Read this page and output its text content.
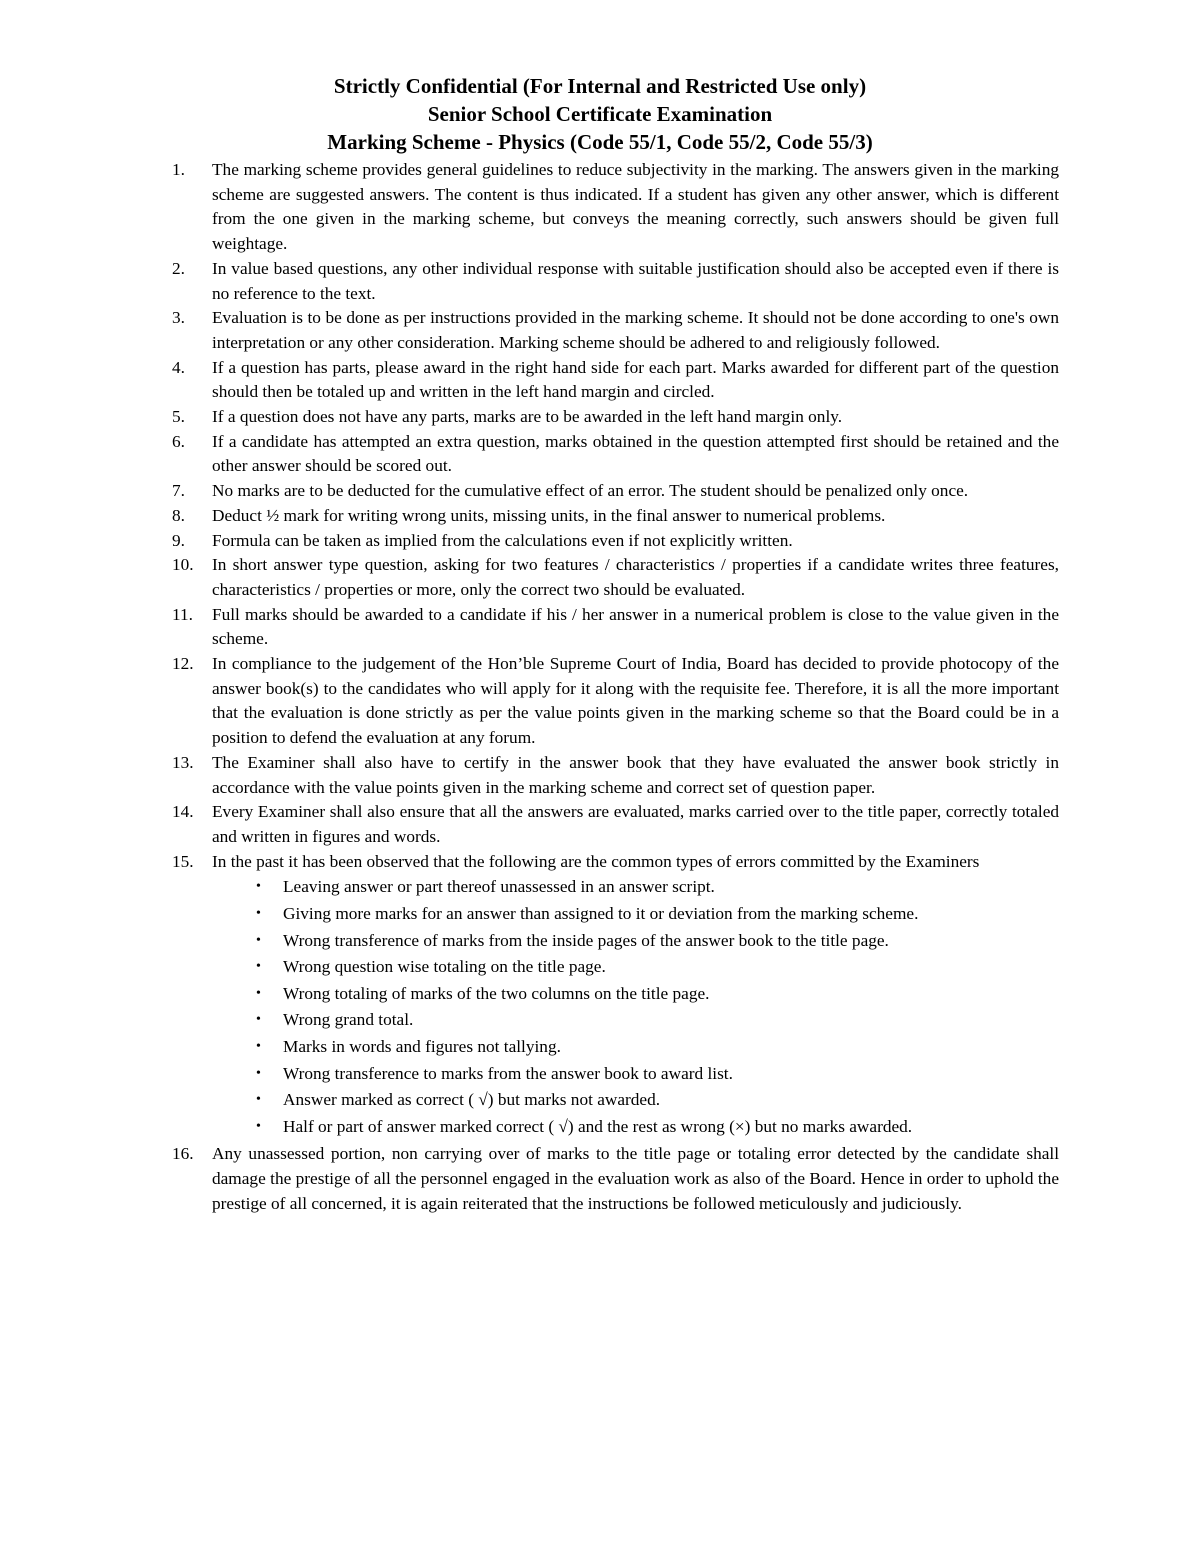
Strictly Confidential (For Internal and Restricted Use only)
Senior School Certificate Examination
Marking Scheme - Physics (Code 55/1, Code 55/2, Code 55/3)
1. The marking scheme provides general guidelines to reduce subjectivity in the marking. The answers given in the marking scheme are suggested answers. The content is thus indicated. If a student has given any other answer, which is different from the one given in the marking scheme, but conveys the meaning correctly, such answers should be given full weightage.
2. In value based questions, any other individual response with suitable justification should also be accepted even if there is no reference to the text.
3. Evaluation is to be done as per instructions provided in the marking scheme. It should not be done according to one's own interpretation or any other consideration. Marking scheme should be adhered to and religiously followed.
4. If a question has parts, please award in the right hand side for each part. Marks awarded for different part of the question should then be totaled up and written in the left hand margin and circled.
5. If a question does not have any parts, marks are to be awarded in the left hand margin only.
6. If a candidate has attempted an extra question, marks obtained in the question attempted first should be retained and the other answer should be scored out.
7. No marks are to be deducted for the cumulative effect of an error. The student should be penalized only once.
8. Deduct ½ mark for writing wrong units, missing units, in the final answer to numerical problems.
9. Formula can be taken as implied from the calculations even if not explicitly written.
10. In short answer type question, asking for two features / characteristics / properties if a candidate writes three features, characteristics / properties or more, only the correct two should be evaluated.
11. Full marks should be awarded to a candidate if his / her answer in a numerical problem is close to the value given in the scheme.
12. In compliance to the judgement of the Hon’ble Supreme Court of India, Board has decided to provide photocopy of the answer book(s) to the candidates who will apply for it along with the requisite fee. Therefore, it is all the more important that the evaluation is done strictly as per the value points given in the marking scheme so that the Board could be in a position to defend the evaluation at any forum.
13. The Examiner shall also have to certify in the answer book that they have evaluated the answer book strictly in accordance with the value points given in the marking scheme and correct set of question paper.
14. Every Examiner shall also ensure that all the answers are evaluated, marks carried over to the title paper, correctly totaled and written in figures and words.
15. In the past it has been observed that the following are the common types of errors committed by the Examiners
• Leaving answer or part thereof unassessed in an answer script.
• Giving more marks for an answer than assigned to it or deviation from the marking scheme.
• Wrong transference of marks from the inside pages of the answer book to the title page.
• Wrong question wise totaling on the title page.
• Wrong totaling of marks of the two columns on the title page.
• Wrong grand total.
• Marks in words and figures not tallying.
• Wrong transference to marks from the answer book to award list.
• Answer marked as correct ( √) but marks not awarded.
• Half or part of answer marked correct ( √) and the rest as wrong (×) but no marks awarded.
16. Any unassessed portion, non carrying over of marks to the title page or totaling error detected by the candidate shall damage the prestige of all the personnel engaged in the evaluation work as also of the Board. Hence in order to uphold the prestige of all concerned, it is again reiterated that the instructions be followed meticulously and judiciously.
